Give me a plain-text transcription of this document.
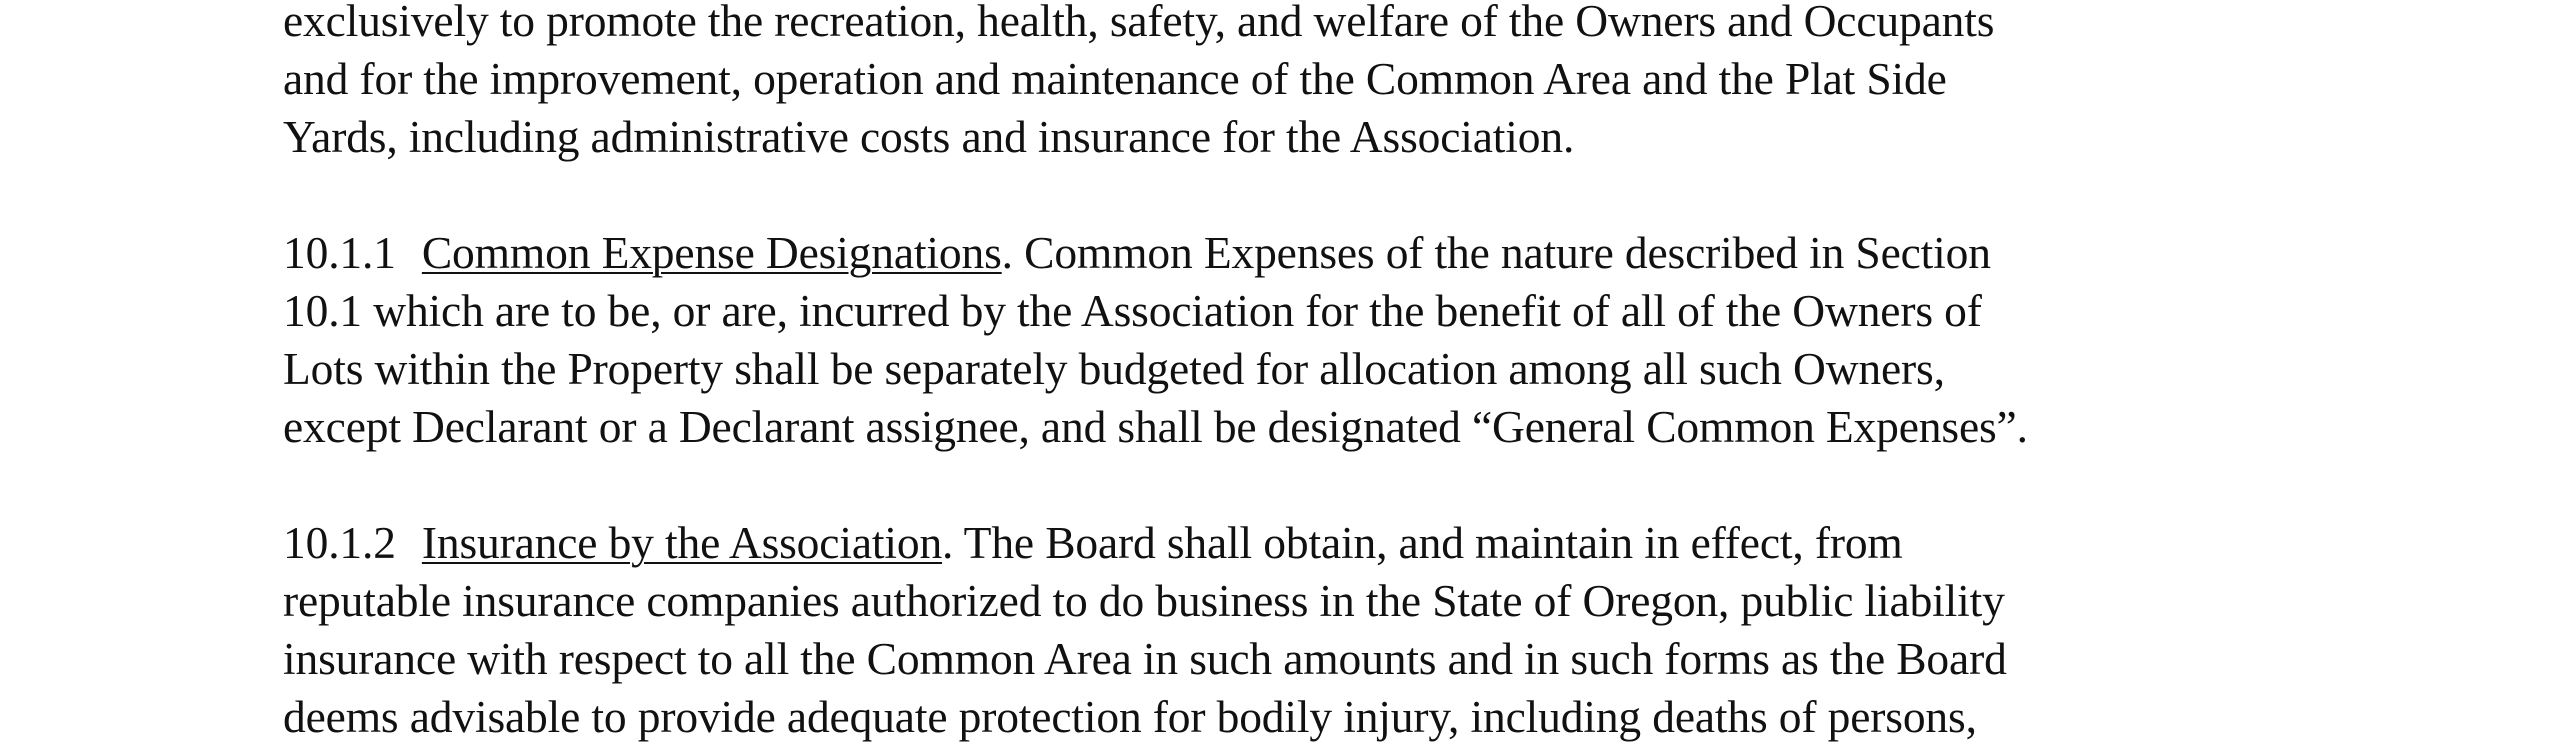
exclusively to promote the recreation, health, safety, and welfare of the Owners and Occupants
and for the improvement, operation and maintenance of the Common Area and the Plat Side
Yards, including administrative costs and insurance for the Association.
10.1.1 Common Expense Designations. Common Expenses of the nature described in Section
10.1 which are to be, or are, incurred by the Association for the benefit of all of the Owners of
Lots within the Property shall be separately budgeted for allocation among all such Owners,
except Declarant or a Declarant assignee, and shall be designated “General Common Expenses”.
10.1.2 Insurance by the Association. The Board shall obtain, and maintain in effect, from
reputable insurance companies authorized to do business in the State of Oregon, public liability
insurance with respect to all the Common Area in such amounts and in such forms as the Board
deems advisable to provide adequate protection for bodily injury, including deaths of persons,
